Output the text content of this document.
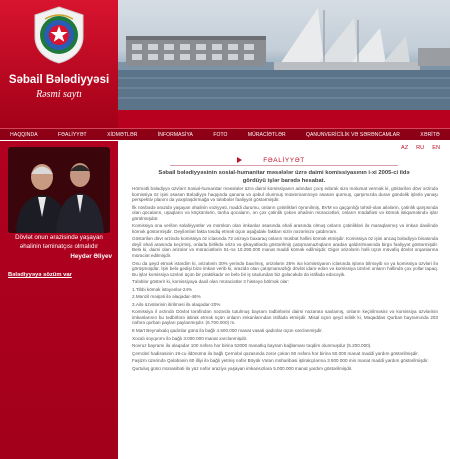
Səbail Bələdiyyəsi
Rəsmi saytı
HAQQINDA	FƏALİYYƏT	XİDMƏTLƏR	İNFORMASİYA	FOTO	MÜRACİƏTLƏR	QANUNVERİCİLİK VƏ SƏRƏNCAMLAR	XƏRİTƏ
Dövlət onun ərazisində yaşayan əhalinin təminatçısı olmalıdır
Heydər Əliyev
Bələdiyyəyə sözüm var
AZ RU EN
FƏALİYYƏT
Səbail bələdiyyəsinin sosial-humanitar məsələlər üzrə daimi komissiyasının i-xi 2005-ci ildə gördüyü işlər barədə hesabat.

Hörmətli bələdiyyə üzvləri! Sosial-humanitar məsələlər üzrə daimi komissiyanın adından çıxış edərək sizə məlumat vermək ki, göstərilən dövr ərzində komissiya öz işini əsasən Bələdiyyə haqqında qanuna və qəbul olunmuş müəmmamnəyə əsasən qurmuş, qarşımızda duran gündəlik işlərlə yanaşı perspektiv planını da yaxşılaşdırmağa və tələbələr fəaliyyət göstərmişdir.

İlk növbədə ərazidə yaşayan əhalinin vəziyyəti, maddi durumu, onların çətinlikləri öyrənilmiş, BVM və qaçqınlığı təhsil-olan ailələrin, çətinlik qarşısında olan qocaların, uşaqların və köçkünlərin, tənha qocaların, ən çox çətinlik çəkən əhalinin müraciətləri, onların müdafiəsi və kömək istiqamətində işlər görülmüşdür.

Komissiya ona verilən səlahiyyətlər və mümkün olan imkanlar əsasında əhali arasında olmuş onların çətinlikləri ilə maraqlanmış və imkan daxilində kömək göstərmişdir. Deyilənləri fakta təsdiq etmək üçün aşağıdakı faktları sizin nəzərinizə çatdırıram.

Göstərilən dövr ərzində komissiya öz iclasında 72 ərizəyə baxaraq onların müsbət həllini kömək etmişdir. Komissiya öz işini ancaq bələdiyyə binasında deyil əhali arasında keçirmiş, onlarla birlikdə ərizə və şikayətlərdə göstərilmiş çatışmamazlıqların aradan qaldırılmasında birgə fəaliyyət göstərmişdir. Belə ki, daimi olan ərizələr və müraciətlərin 51-nə 10.290.000 manat maddi kömək edilmişdir. Digər ərizələrin həlli üçün müvafiq dövlət orqanlarına müraciət edilmişdir.

Onu da qeyd etmək istərdim ki, ərizələrin 30% yerində baxılmış, ərizələrin 35% isə komissiyanın iclasında işlənə bilməyib və ya komissiya üzvləri ilə görüşmüşdür. İşin belə gedişi bizə imkan verib ki, ərazidə olan çatışmamazlığı dövlət idarə edən və komissiya üzvləri onların həllində çox yollar tapaq. Bu işlər komissiya üzvləri üçün bir praktikadır ve belə bir iş üsulundan biz gələcəkdə də istifadə edəcəyik.

Tələblər göstərir ki, komissiyaya daxil olan müraciətlər 3 hissəyə bölmək olar:

1.Tibbi kömək istəyənlər-24%

2.Mənzil məişəti ilə əlaqədar-46%

3.Ailə üzvülərinin itirilməsi ilə əlaqədar-20%

Komissiya il ərzində Dövlət tərəfindən nəzərdə tutulmuş bayram tədbirlərini daimi nəzarətə saxlamış, onların keçirilməsini və komissiya üzvlərinin imkanlarının bu tədbirlərə istirak etmək üçün onların imkanlarından istifadə etmişdir. Misal üçün qeyd edirik ki, Məqaddas Qurban bayramında 203 nəfərə qurban payları paylanmışdır. (6.700.000) m.

8 Mart Beynəlxalq qadınlar günü ilə bağlı 4.500.000 manat vasati qadınlar üçün xərclənmişdir.

Xocalı soyqırımı ilə bağlı 3.000.000 manat xərclənmişdir.

Novruz bayramı ilə əlaqədar 100 nəfərə hər birinə 52000 manatlıq bayram bağlaması təqdim olunmuşdur (5.200.000).

Çernobıl hadisəsinin 19-cu ildönümü ilə bağlı Çernobıl qəzasında zərər çəkən 50 nəfərə hər birinə 50.000 manat maddi yardım göstərilmişdir.

Faşizm üzərində Qələbənin 60 illiyi ilə bağlı yetmiş nəfər Böyük Vətən müharibəsi iştirakçılarına 3 500 000 min manat maddi yardım göstərilmişdir.

Qurtuluş günü münasibəti ilə yüz nəfər əraziyə yaşayan imkansızlara 5.000.000 manat yardım göstərilmişdir.
